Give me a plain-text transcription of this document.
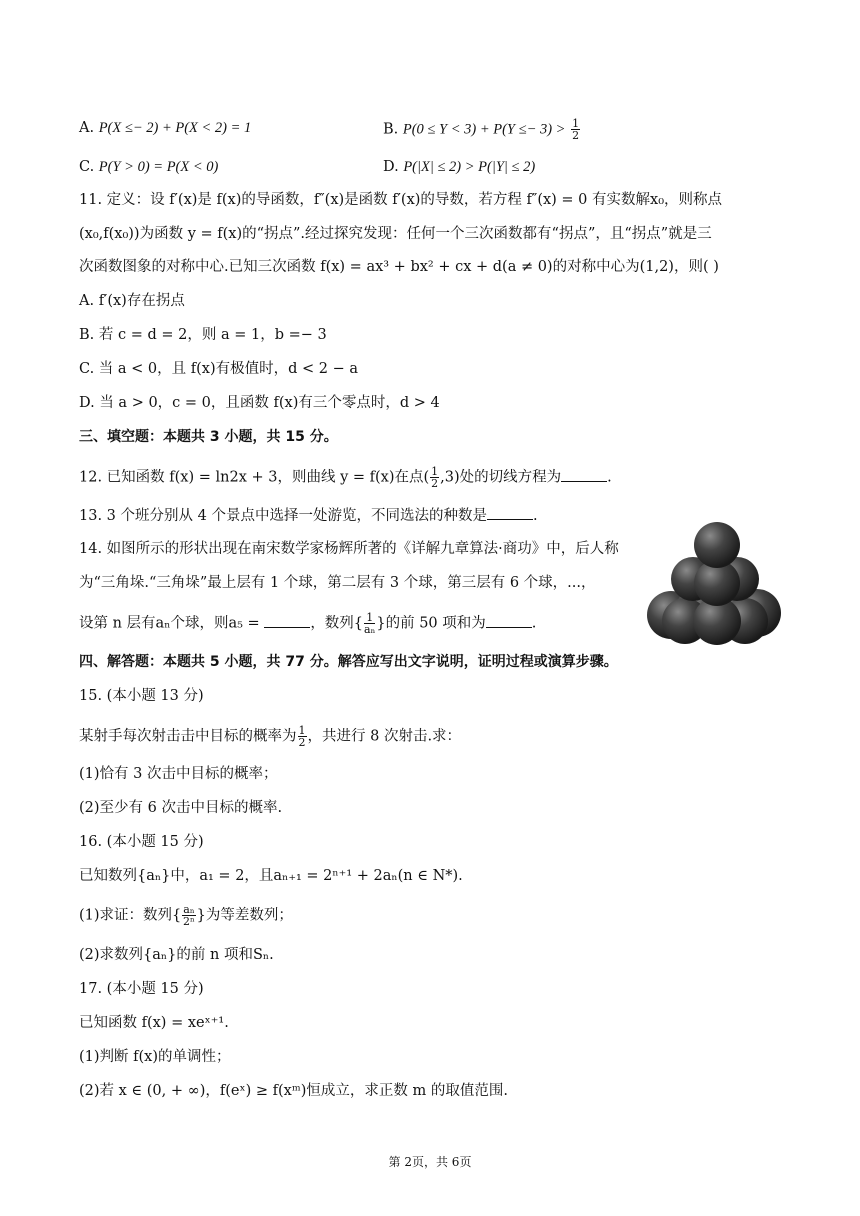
A. P(X ≤− 2) + P(X < 2) = 1	B. $P(0 \le Y < 3) + P(Y \le- 3) > \frac{1}{2}$
C. P(Y > 0) = P(X < 0)	D. P(|X| ≤ 2) > P(|Y| ≤ 2)
11. 定义：设 f′(x)是 f(x)的导函数，f″(x)是函数 f′(x)的导数，若方程 f″(x) = 0 有实数解x₀，则称点
(x₀,f(x₀))为函数 y = f(x)的“拐点”.经过探究发现：任何一个三次函数都有“拐点”，且“拐点”就是三
次函数图象的对称中心.已知三次函数 f(x) = ax³ + bx² + cx + d(a ≠ 0)的对称中心为(1,2)，则( )
A. f′(x)存在拐点
B. 若 c = d = 2，则 a = 1，b =− 3
C. 当 a < 0，且 f(x)有极值时，d < 2 − a
D. 当 a > 0，c = 0，且函数 f(x)有三个零点时，d > 4
三、填空题：本题共 3 小题，共 15 分。
12. 已知函数 f(x) = ln2x + 3，则曲线 y = f(x)在点( $\frac{1}{2} ,3$)处的切线方程为	.
13. 3 个班分别从 4 个景点中选择一处游览，不同选法的种数是	.
14. 如图所示的形状出现在南宋数学家杨辉所著的《详解九章算法·商功》中，后人称
为“三角垛.“三角垛”最上层有 1 个球，第二层有 3 个球，第三层有 6 个球，...，
设第 n 层有aₙ个球，则a₅ =	，数列{ $\frac{1}{\text{aₙ}}$ }的前 50 项和为	.
四、解答题：本题共 5 小题，共 77 分。解答应写出文字说明，证明过程或演算步骤。
15. (本小题 13 分)
某射手每次射击击中目标的概率为 $\frac{1}{2}$ ，共进行 8 次射击.求：
(1)恰有 3 次击中目标的概率；
(2)至少有 6 次击中目标的概率.
16. (本小题 15 分)
已知数列{aₙ}中，a₁ = 2，且aₙ₊₁ = 2ⁿ⁺¹ + 2aₙ(n ∈ N*).
(1)求证：数列{ $\frac{\text{aₙ}}{\text{2ⁿ}}$ }为等差数列；
(2)求数列{aₙ}的前 n 项和Sₙ.
17. (本小题 15 分)
已知函数 f(x) = xeˣ⁺¹.
(1)判断 f(x)的单调性；
(2)若 x ∈ (0, + ∞)，f(eˣ) ≥ f(xᵐ)恒成立，求正数 m 的取值范围.
第 2页，共 6页
